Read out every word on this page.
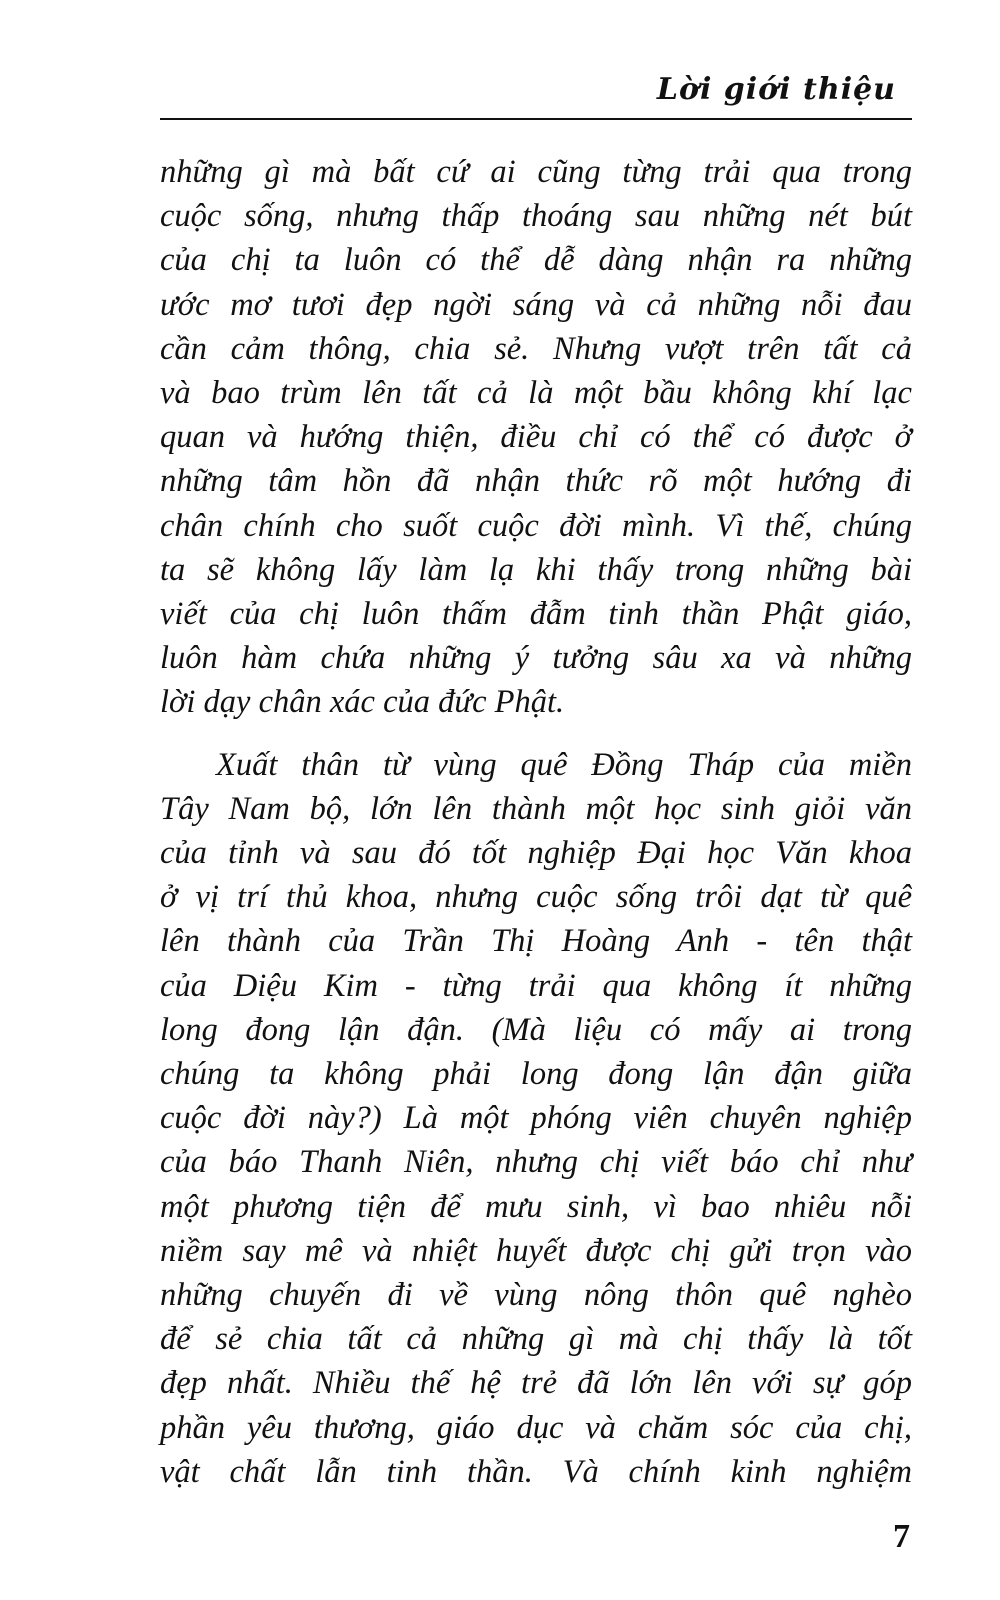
Lời giới thiệu

những gì mà bất cứ ai cũng từng trải qua trong
cuộc sống, nhưng thấp thoáng sau những nét bút
của chị ta luôn có thể dễ dàng nhận ra những
ước mơ tươi đẹp ngời sáng và cả những nỗi đau
cần cảm thông, chia sẻ. Nhưng vượt trên tất cả
và bao trùm lên tất cả là một bầu không khí lạc
quan và hướng thiện, điều chỉ có thể có được ở
những tâm hồn đã nhận thức rõ một hướng đi
chân chính cho suốt cuộc đời mình. Vì thế, chúng
ta sẽ không lấy làm lạ khi thấy trong những bài
viết của chị luôn thấm đẫm tinh thần Phật giáo,
luôn hàm chứa những ý tưởng sâu xa và những
lời dạy chân xác của đức Phật.

Xuất thân từ vùng quê Đồng Tháp của miền
Tây Nam bộ, lớn lên thành một học sinh giỏi văn
của tỉnh và sau đó tốt nghiệp Đại học Văn khoa
ở vị trí thủ khoa, nhưng cuộc sống trôi dạt từ quê
lên thành của Trần Thị Hoàng Anh - tên thật
của Diệu Kim - từng trải qua không ít những
long đong lận đận. (Mà liệu có mấy ai trong
chúng ta không phải long đong lận đận giữa
cuộc đời này?) Là một phóng viên chuyên nghiệp
của báo Thanh Niên, nhưng chị viết báo chỉ như
một phương tiện để mưu sinh, vì bao nhiêu nỗi
niềm say mê và nhiệt huyết được chị gửi trọn vào
những chuyến đi về vùng nông thôn quê nghèo
để sẻ chia tất cả những gì mà chị thấy là tốt
đẹp nhất. Nhiều thế hệ trẻ đã lớn lên với sự góp
phần yêu thương, giáo dục và chăm sóc của chị,
vật chất lẫn tinh thần. Và chính kinh nghiệm

7
